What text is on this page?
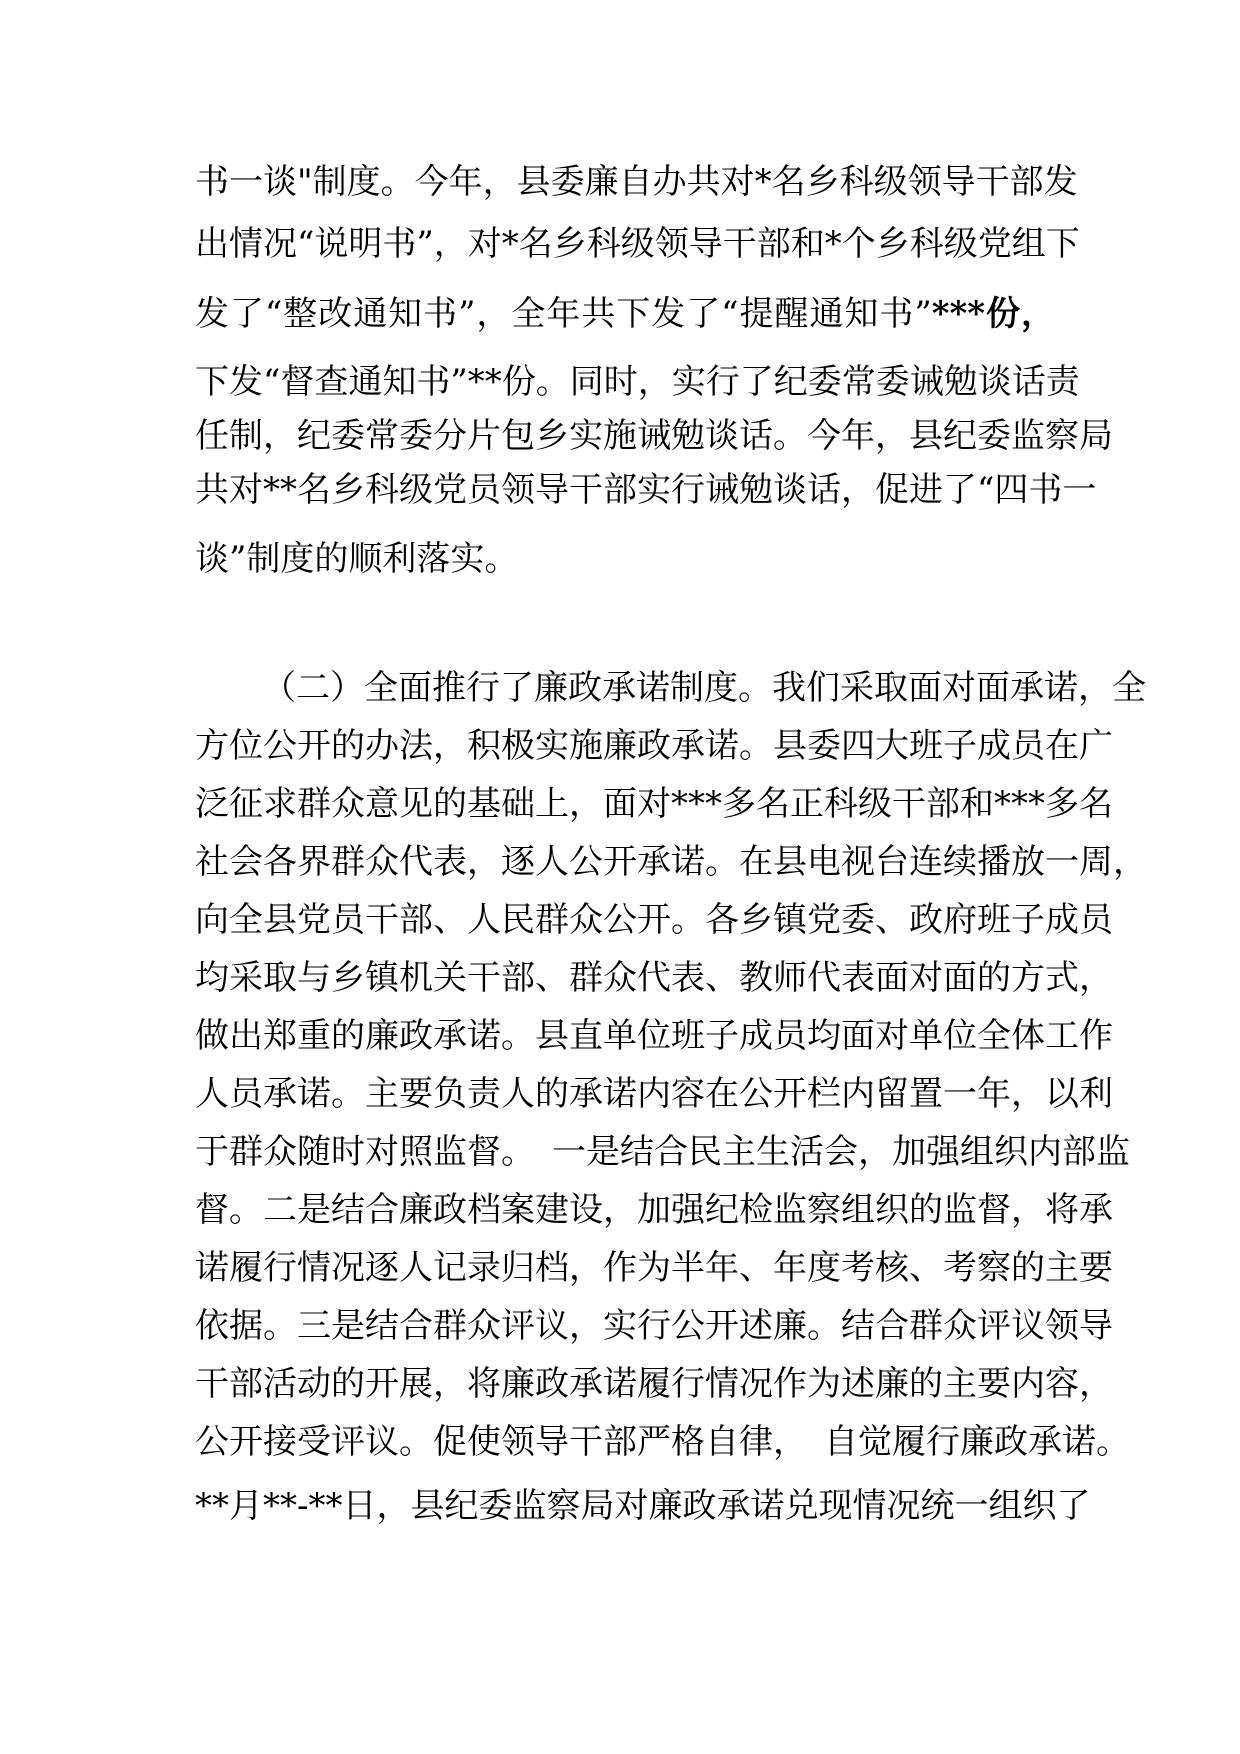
书一谈"制度。今年，县委廉自办共对*名乡科级领导干部发
出情况“说明书”，对*名乡科级领导干部和*个乡科级党组下
发了“整改通知书”，全年共下发了“提醒通知书”***份，
下发“督查通知书”**份。同时，实行了纪委常委诫勉谈话责
任制，纪委常委分片包乡实施诫勉谈话。今年，县纪委监察局
共对**名乡科级党员领导干部实行诫勉谈话，促进了“四书一
谈”制度的顺利落实。
（二）全面推行了廉政承诺制度。我们采取面对面承诺，全
方位公开的办法，积极实施廉政承诺。县委四大班子成员在广
泛征求群众意见的基础上，面对***多名正科级干部和***多名
社会各界群众代表，逐人公开承诺。在县电视台连续播放一周，
向全县党员干部、人民群众公开。各乡镇党委、政府班子成员
均采取与乡镇机关干部、群众代表、教师代表面对面的方式，
做出郑重的廉政承诺。县直单位班子成员均面对单位全体工作
人员承诺。主要负责人的承诺内容在公开栏内留置一年，以利
于群众随时对照监督。　一是结合民主生活会，加强组织内部监
督。二是结合廉政档案建设，加强纪检监察组织的监督，将承
诺履行情况逐人记录归档，作为半年、年度考核、考察的主要
依据。三是结合群众评议，实行公开述廉。结合群众评议领导
干部活动的开展，将廉政承诺履行情况作为述廉的主要内容，
公开接受评议。促使领导干部严格自律，　自觉履行廉政承诺。
**月**-**日，县纪委监察局对廉政承诺兑现情况统一组织了
